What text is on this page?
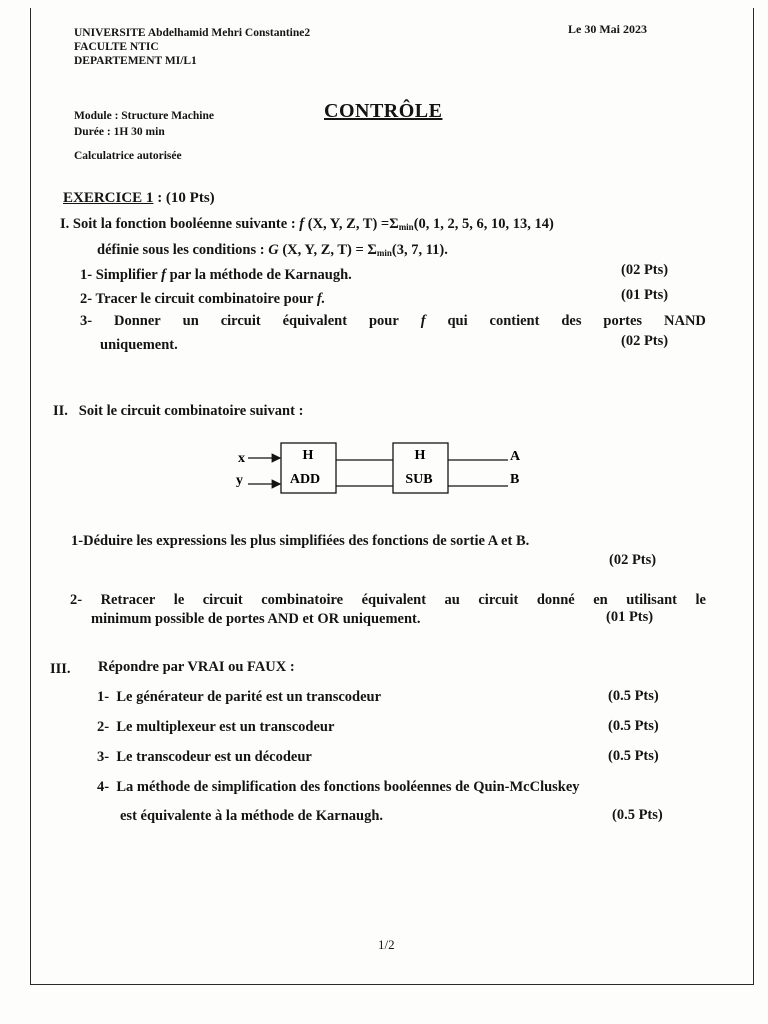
UNIVERSITE Abdelhamid Mehri Constantine2
FACULTE NTIC
DEPARTEMENT MI/L1
Le 30 Mai 2023
Module : Structure Machine
Durée : 1H 30 min
Calculatrice autorisée
CONTRÔLE
EXERCICE 1 : (10 Pts)
I. Soit la fonction booléenne suivante : f (X, Y, Z, $T) =\Sigma_{min}(0$, 1, 2, 5, 6, 10, 13, 14)
définie sous les conditions : G (X, Y, Z, $T) = \Sigma_{min}(3$, 7, 11).
1- Simplifier f par la méthode de Karnaugh.	(02 Pts)
2- Tracer le circuit combinatoire pour f.	(01 Pts)
3- Donner un circuit équivalent pour f qui contient des portes NAND
uniquement.	(02 Pts)
II. Soit le circuit combinatoire suivant :
x
y
H
ADD
H
SUB
A
B
1-Déduire les expressions les plus simplifiées des fonctions de sortie A et B.
(02 Pts)
2- Retracer le circuit combinatoire équivalent au circuit donné en utilisant le
minimum possible de portes AND et OR uniquement.	(01 Pts)
III. Répondre par VRAI ou FAUX :
1- Le générateur de parité est un transcodeur	(0.5 Pts)
2- Le multiplexeur est un transcodeur	(0.5 Pts)
3- Le transcodeur est un décodeur	(0.5 Pts)
4- La méthode de simplification des fonctions booléennes de Quin-McCluskey
est équivalente à la méthode de Karnaugh.	(0.5 Pts)
1/2
